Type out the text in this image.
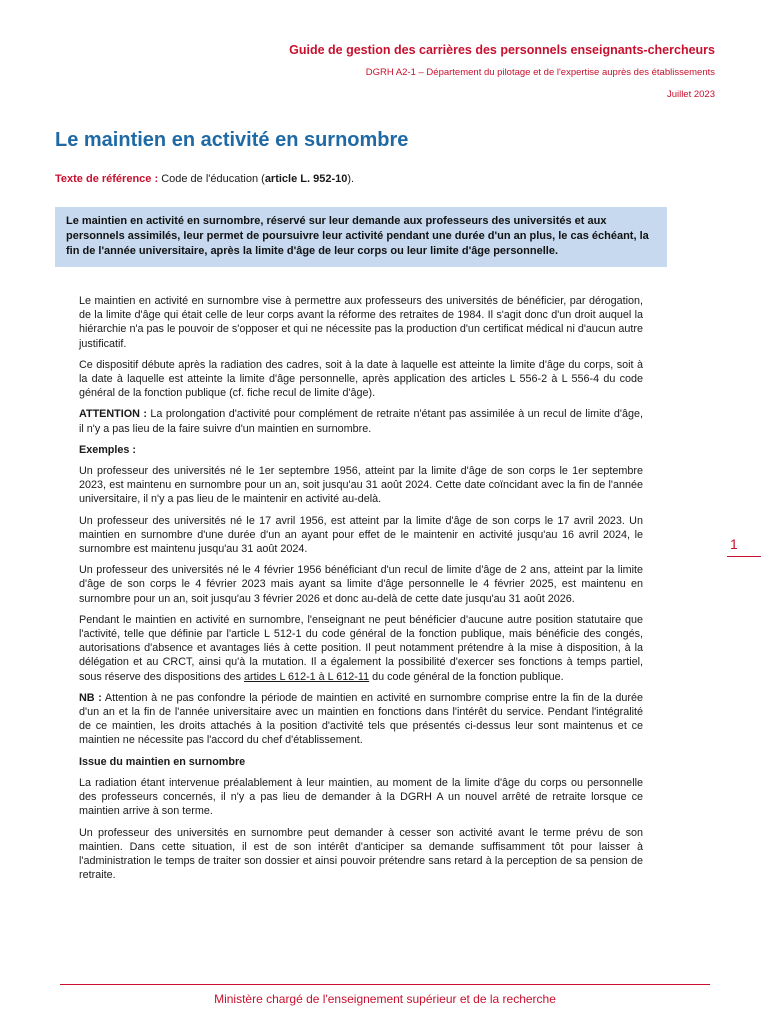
Guide de gestion des carrières des personnels enseignants-chercheurs
DGRH A2-1 – Département du pilotage et de l'expertise auprès des établissements
Juillet 2023
Le maintien en activité en surnombre
Texte de référence : Code de l'éducation (article L. 952-10).
Le maintien en activité en surnombre, réservé sur leur demande aux professeurs des universités et aux personnels assimilés, leur permet de poursuivre leur activité pendant une durée d'un an plus, le cas échéant, la fin de l'année universitaire, après la limite d'âge de leur corps ou leur limite d'âge personnelle.

Le maintien en activité en surnombre vise à permettre aux professeurs des universités de bénéficier, par dérogation, de la limite d'âge qui était celle de leur corps avant la réforme des retraites de 1984. Il s'agit donc d'un droit auquel la hiérarchie n'a pas le pouvoir de s'opposer et qui ne nécessite pas la production d'un certificat médical ni d'aucun autre justificatif.

Ce dispositif débute après la radiation des cadres, soit à la date à laquelle est atteinte la limite d'âge du corps, soit à la date à laquelle est atteinte la limite d'âge personnelle, après application des articles L 556-2 à L 556-4 du code général de la fonction publique (cf. fiche recul de limite d'âge).

ATTENTION : La prolongation d'activité pour complément de retraite n'étant pas assimilée à un recul de limite d'âge, il n'y a pas lieu de la faire suivre d'un maintien en surnombre.

Exemples :

Un professeur des universités né le 1er septembre 1956, atteint par la limite d'âge de son corps le 1er septembre 2023, est maintenu en surnombre pour un an, soit jusqu'au 31 août 2024. Cette date coïncidant avec la fin de l'année universitaire, il n'y a pas lieu de le maintenir en activité au-delà.

Un professeur des universités né le 17 avril 1956, est atteint par la limite d'âge de son corps le 17 avril 2023. Un maintien en surnombre d'une durée d'un an ayant pour effet de le maintenir en activité jusqu'au 16 avril 2024, le surnombre est maintenu jusqu'au 31 août 2024.

Un professeur des universités né le 4 février 1956 bénéficiant d'un recul de limite d'âge de 2 ans, atteint par la limite d'âge de son corps le 4 février 2023 mais ayant sa limite d'âge personnelle le 4 février 2025, est maintenu en surnombre pour un an, soit jusqu'au 3 février 2026 et donc au-delà de cette date jusqu'au 31 août 2026.

Pendant le maintien en activité en surnombre, l'enseignant ne peut bénéficier d'aucune autre position statutaire que l'activité, telle que définie par l'article L 512-1 du code général de la fonction publique, mais bénéficie des congés, autorisations d'absence et avantages liés à cette position. Il peut notamment prétendre à la mise à disposition, à la délégation et au CRCT, ainsi qu'à la mutation. Il a également la possibilité d'exercer ses fonctions à temps partiel, sous réserve des dispositions des artides L 612-1 à L 612-11 du code général de la fonction publique.

NB : Attention à ne pas confondre la période de maintien en activité en surnombre comprise entre la fin de la durée d'un an et la fin de l'année universitaire avec un maintien en fonctions dans l'intérêt du service. Pendant l'intégralité de ce maintien, les droits attachés à la position d'activité tels que présentés ci-dessus leur sont maintenus et ce maintien ne nécessite pas l'accord du chef d'établissement.

Issue du maintien en surnombre

La radiation étant intervenue préalablement à leur maintien, au moment de la limite d'âge du corps ou personnelle des professeurs concernés, il n'y a pas lieu de demander à la DGRH A un nouvel arrêté de retraite lorsque ce maintien arrive à son terme.

Un professeur des universités en surnombre peut demander à cesser son activité avant le terme prévu de son maintien. Dans cette situation, il est de son intérêt d'anticiper sa demande suffisamment tôt pour laisser à l'administration le temps de traiter son dossier et ainsi pouvoir prétendre sans retard à la perception de sa pension de retraite.

1
Ministère chargé de l'enseignement supérieur et de la recherche
